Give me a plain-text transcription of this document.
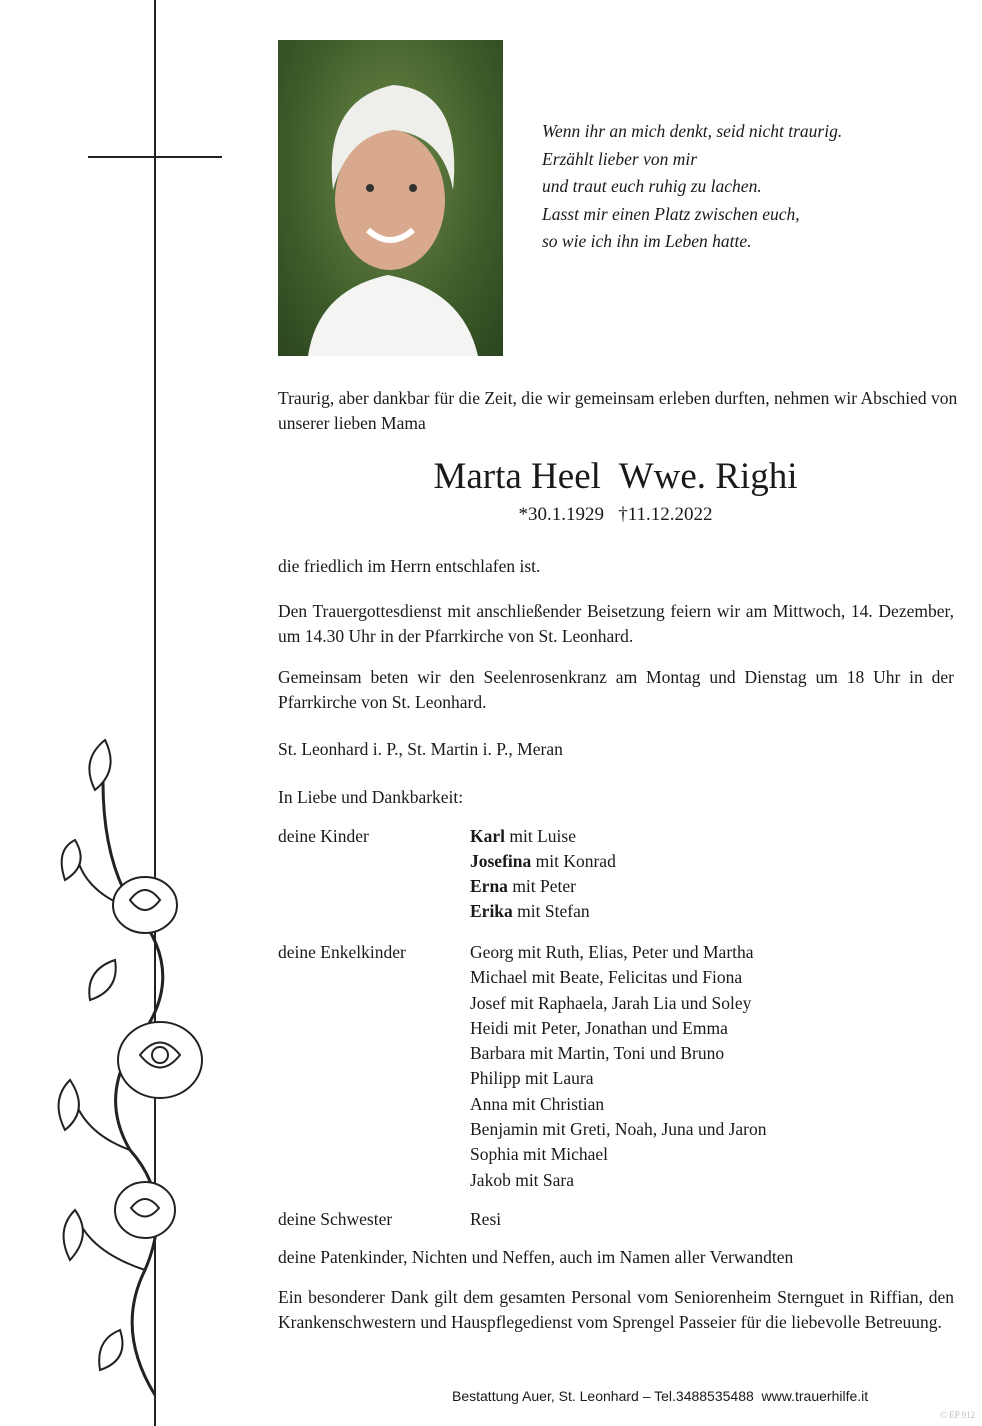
Wenn ihr an mich denkt, seid nicht traurig.
Erzählt lieber von mir
und traut euch ruhig zu lachen.
Lasst mir einen Platz zwischen euch,
so wie ich ihn im Leben hatte.
Traurig, aber dankbar für die Zeit, die wir gemeinsam erleben durften, nehmen wir Abschied von unserer lieben Mama
Marta Heel  Wwe. Righi
*30.1.1929   †11.12.2022
die friedlich im Herrn entschlafen ist.
Den Trauergottesdienst mit anschließender Beisetzung feiern wir am Mittwoch, 14. Dezember, um 14.30 Uhr in der Pfarrkirche von St. Leonhard.
Gemeinsam beten wir den Seelenrosenkranz am Montag und Dienstag um 18 Uhr in der Pfarrkirche von St. Leonhard.
St. Leonhard i. P., St. Martin i. P., Meran
In Liebe und Dankbarkeit:
deine Kinder	Karl mit Luise
Josefina mit Konrad
Erna mit Peter
Erika mit Stefan
deine Enkelkinder	Georg mit Ruth, Elias, Peter und Martha
Michael mit Beate, Felicitas und Fiona
Josef mit Raphaela, Jarah Lia und Soley
Heidi mit Peter, Jonathan und Emma
Barbara mit Martin, Toni und Bruno
Philipp mit Laura
Anna mit Christian
Benjamin mit Greti, Noah, Juna und Jaron
Sophia mit Michael
Jakob mit Sara
deine Schwester	Resi
deine Patenkinder, Nichten und Neffen, auch im Namen aller Verwandten
Ein besonderer Dank gilt dem gesamten Personal vom Seniorenheim Sternguet in Riffian, den Krankenschwestern und Hauspflegedienst vom Sprengel Passeier für die liebevolle Betreuung.
Bestattung Auer, St. Leonhard – Tel.3488535488  www.trauerhilfe.it
© EP 912
